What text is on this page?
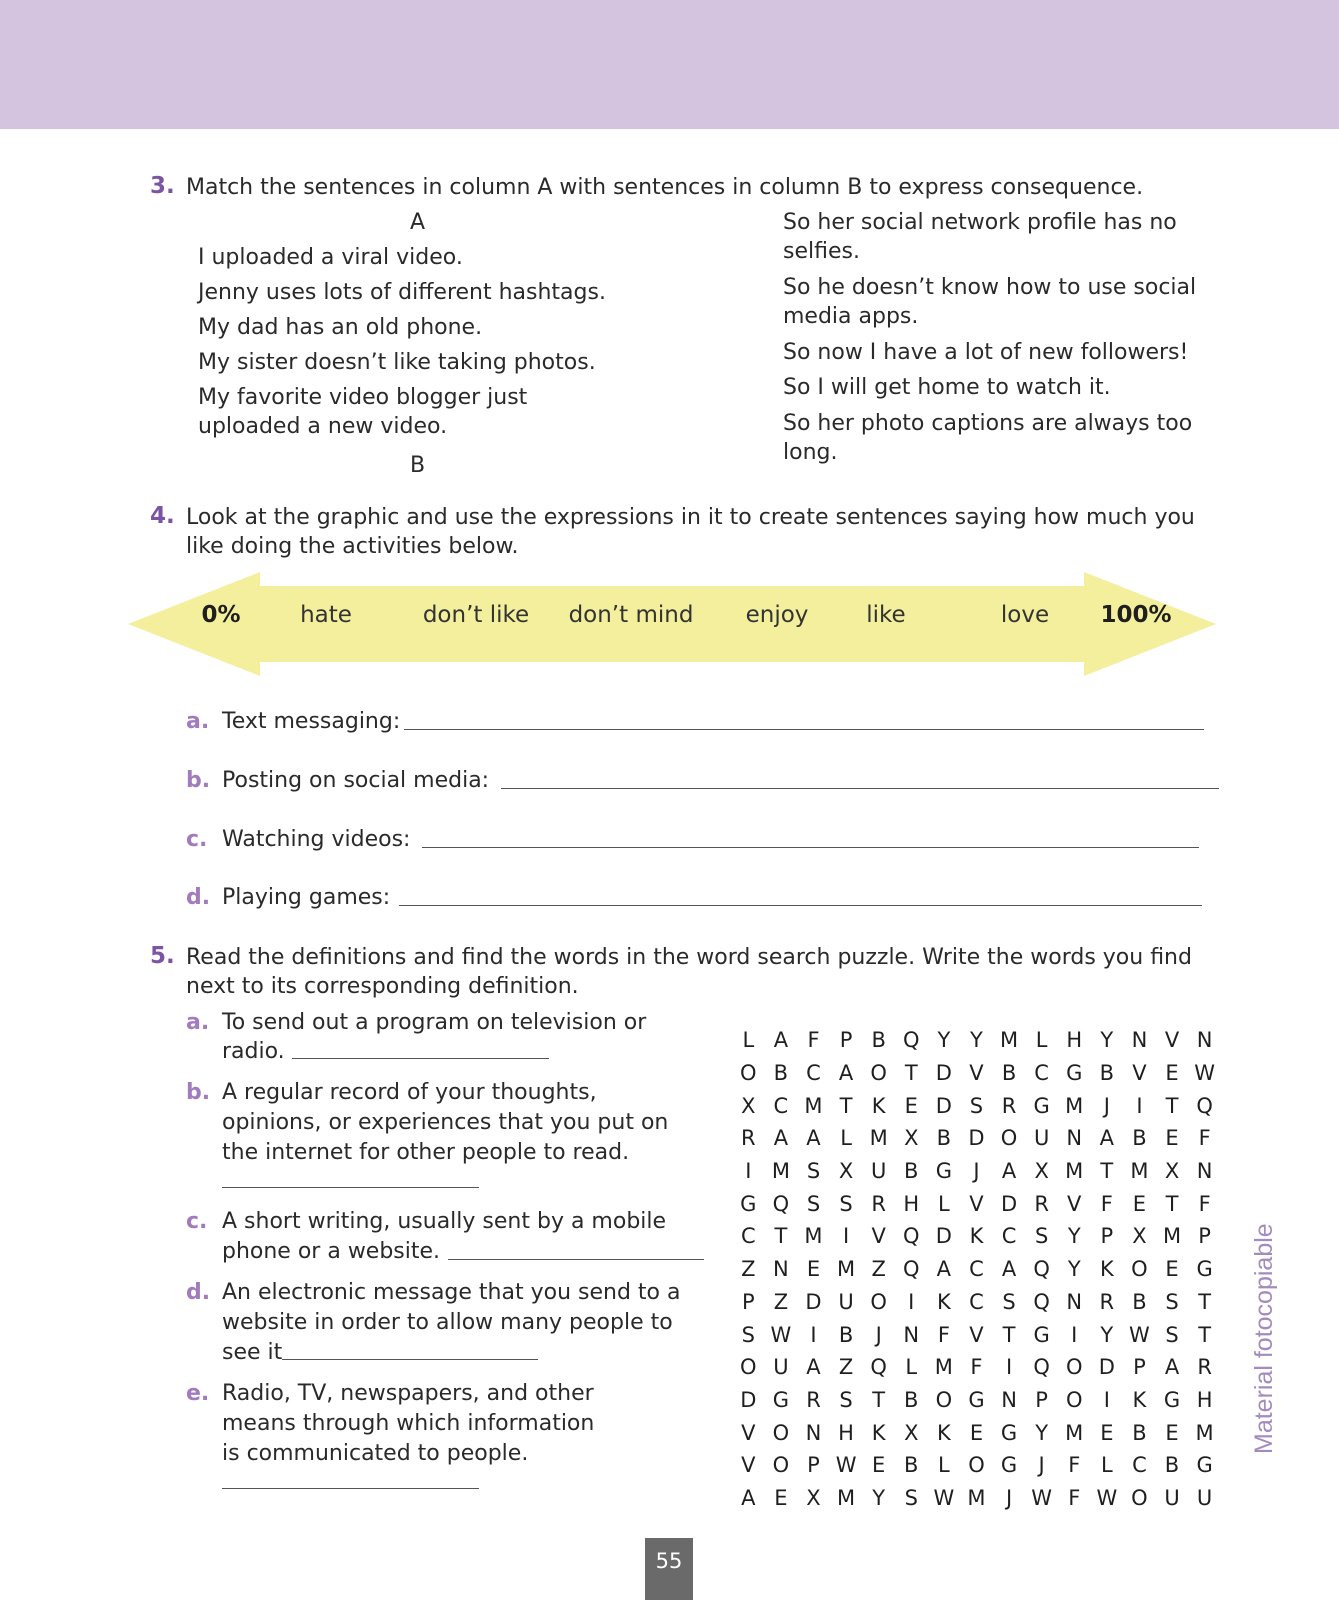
3. Match the sentences in column A with sentences in column B to express consequence.
A
I uploaded a viral video.
Jenny uses lots of different hashtags.
My dad has an old phone.
My sister doesn’t like taking photos.
My favorite video blogger just
uploaded a new video.
B
So her social network profile has no
selfies.
So he doesn’t know how to use social
media apps.
So now I have a lot of new followers!
So I will get home to watch it.
So her photo captions are always too
long.
4. Look at the graphic and use the expressions in it to create sentences saying how much you
like doing the activities below.
0%	hate	don’t like don’t mind enjoy	like	love 100%
a. Text messaging:
b. Posting on social media:
c. Watching videos:
d. Playing games:
5. Read the definitions and find the words in the word search puzzle. Write the words you find
next to its corresponding definition.
a. To send out a program on television or
radio.
b. A regular record of your thoughts,
opinions, or experiences that you put on
the internet for other people to read.
c. A short writing, usually sent by a mobile
phone or a website.
d. An electronic message that you send to a
website in order to allow many people to
see it
e. Radio, TV, newspapers, and other
means through which information
is communicated to people.
L A F P B Q Y Y M L H Y N V N
O B C A O T D V B C G B V E W
X C M T K E D S R G M J	I	T Q
R A A L M X B D O U N A B E F
I M S X U B G	J	A X M T M X N
G Q S S R H L V D R V F E T F
C T M I	V Q D K C S Y P X M P
Z N E M Z Q A C A Q Y K O E G
P Z D U O	I	K C S Q N R B S T
S W I	B	J	N F V T G	I	Y W S T
O U A Z Q L M F	I	Q O D P A R
D G R S T B O G N P O	I	K G H
V O N H K X K E G Y M E B E M
V O P W E B L O G	J	F L C B G
A E X M Y S W M J W F W O U U
Material fotocopiable
55
